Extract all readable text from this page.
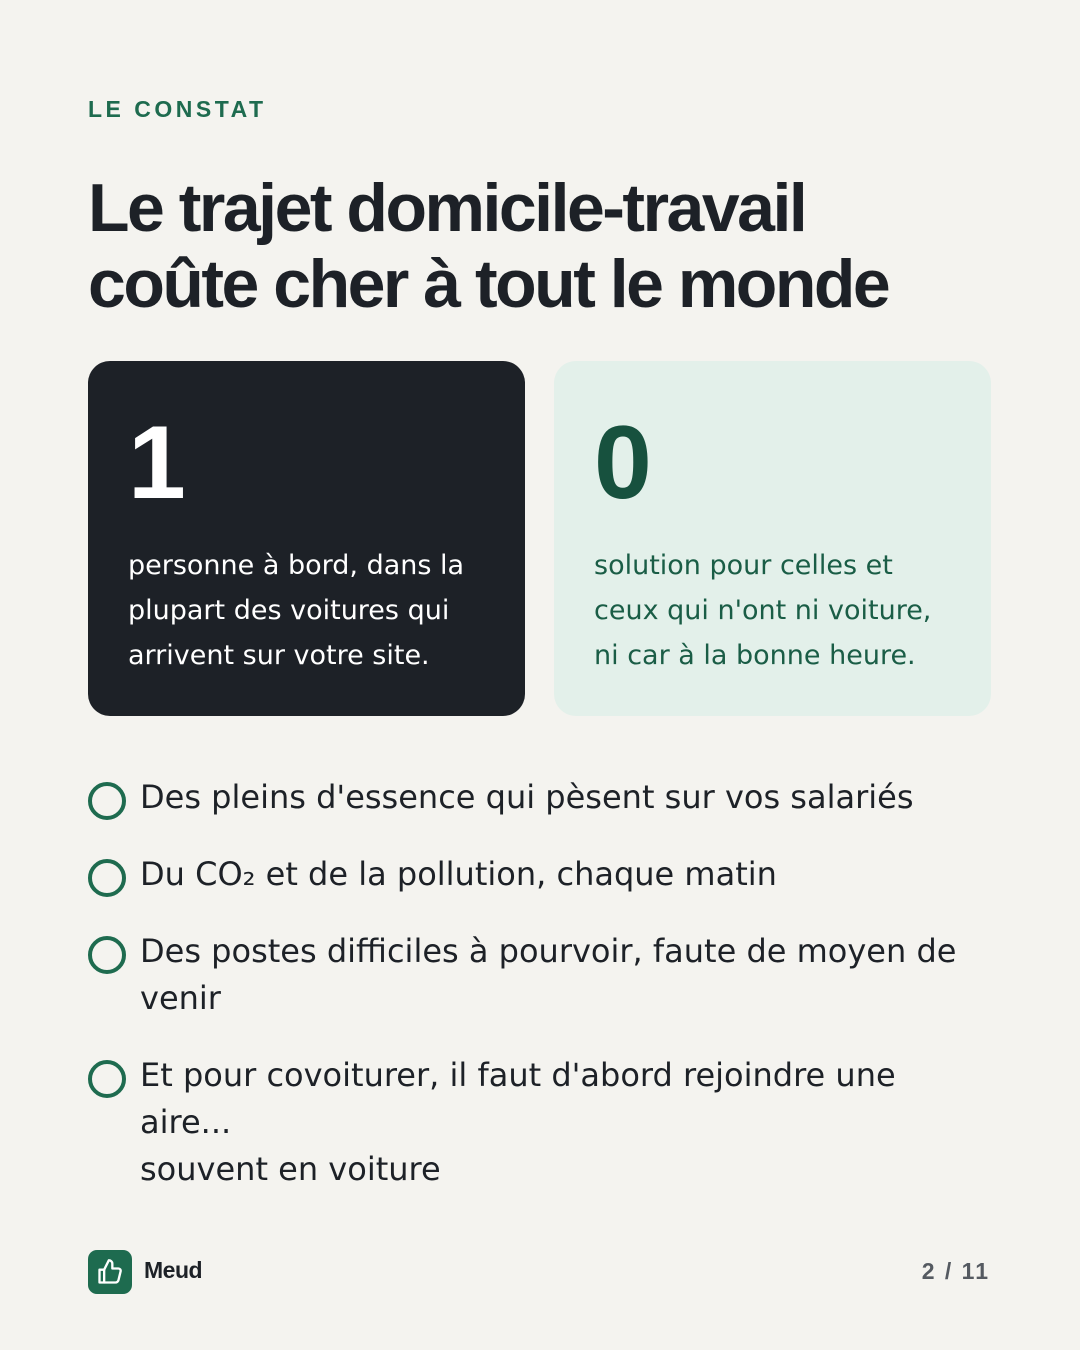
LE CONSTAT
Le trajet domicile-travail
coûte cher à tout le monde
1
personne à bord, dans la
plupart des voitures qui
arrivent sur votre site.
0
solution pour celles et
ceux qui n'ont ni voiture,
ni car à la bonne heure.
Des pleins d'essence qui pèsent sur vos salariés
Du CO₂ et de la pollution, chaque matin
Des postes difficiles à pourvoir, faute de moyen de
venir
Et pour covoiturer, il faut d'abord rejoindre une aire...
souvent en voiture
Meud	2 / 11
